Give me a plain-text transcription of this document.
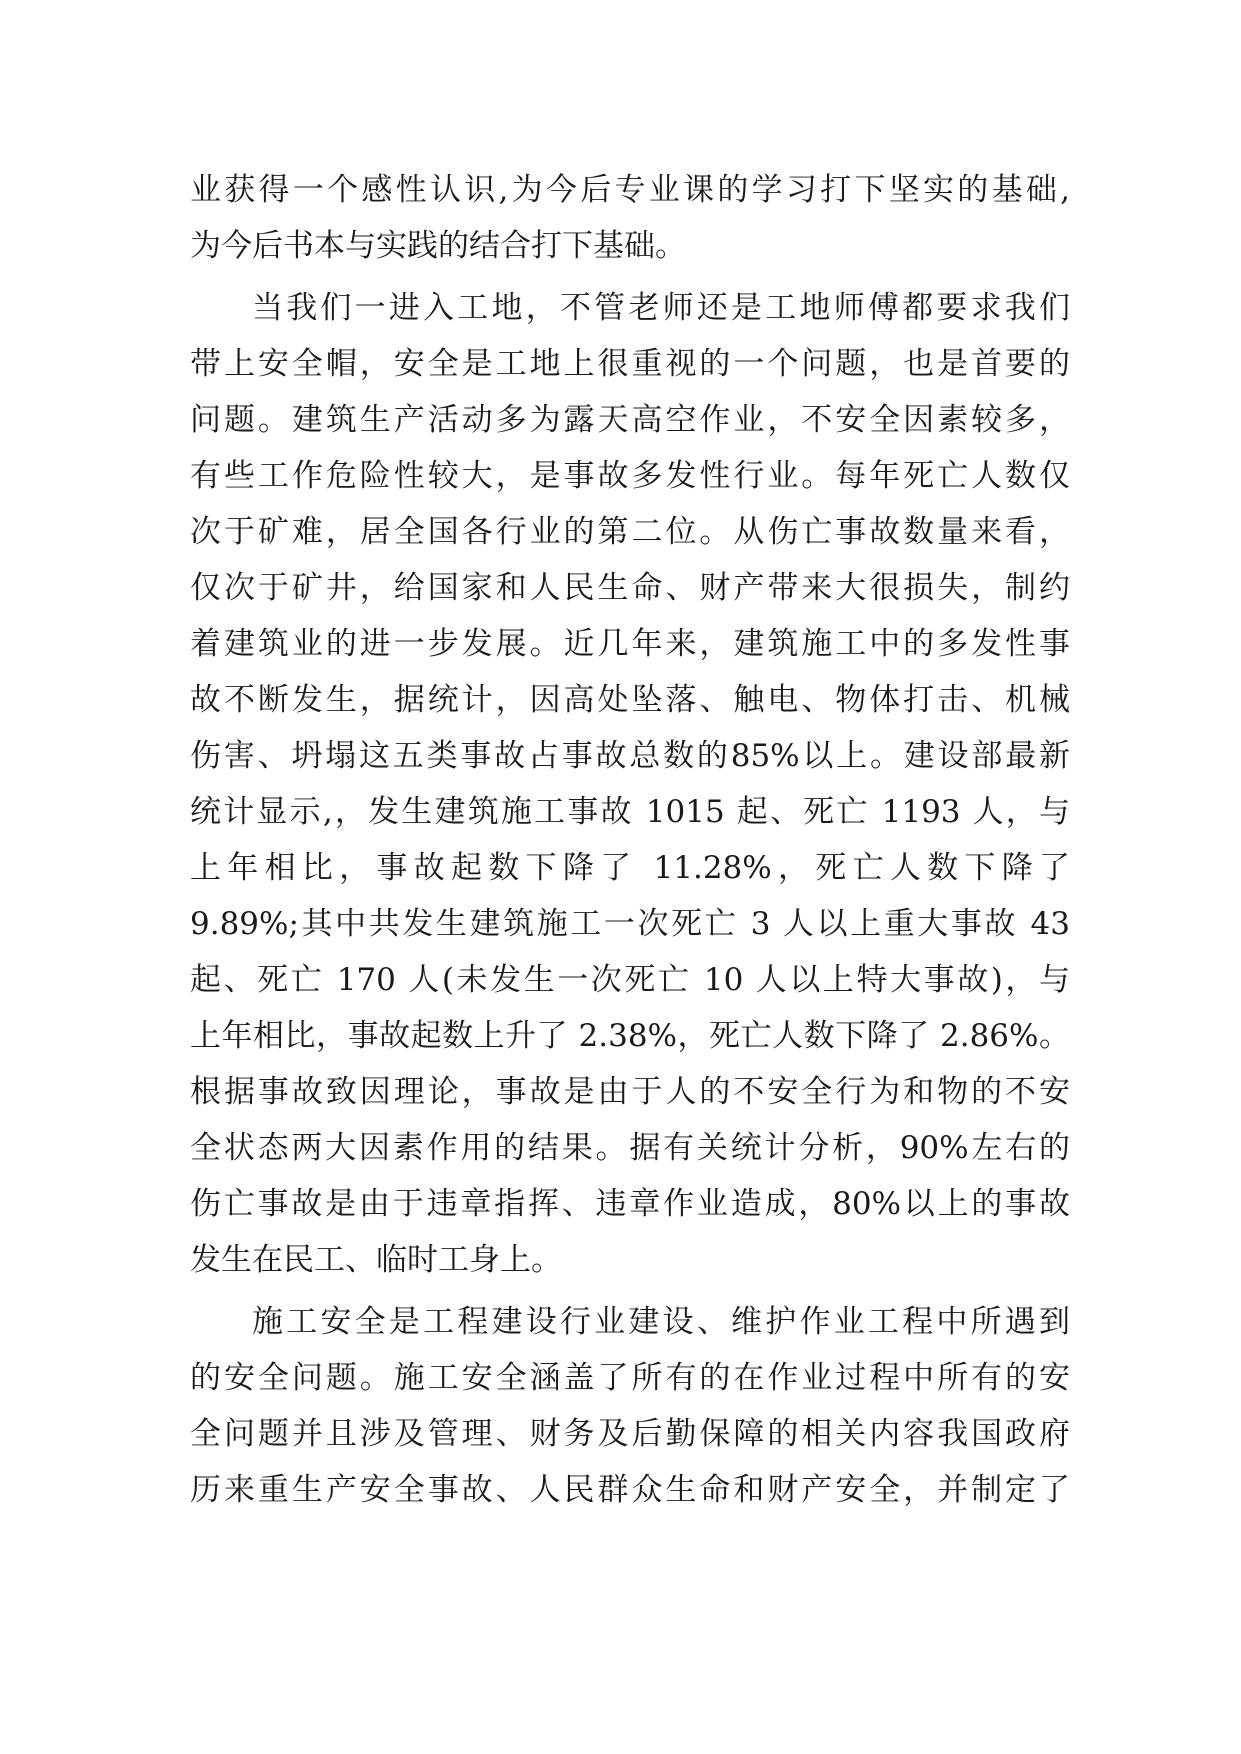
业获得一个感性认识,为今后专业课的学习打下坚实的基础,
为今后书本与实践的结合打下基础。
当我们一进入工地，不管老师还是工地师傅都要求我们
带上安全帽，安全是工地上很重视的一个问题，也是首要的
问题。建筑生产活动多为露天高空作业，不安全因素较多，
有些工作危险性较大，是事故多发性行业。每年死亡人数仅
次于矿难，居全国各行业的第二位。从伤亡事故数量来看，
仅次于矿井，给国家和人民生命、财产带来大很损失，制约
着建筑业的进一步发展。近几年来，建筑施工中的多发性事
故不断发生，据统计，因高处坠落、触电、物体打击、机械
伤害、坍塌这五类事故占事故总数的85%以上。建设部最新
统计显示,，发生建筑施工事故 1015 起、死亡 1193 人，与
上年相比，事故起数下降了 11.28%，死亡人数下降了
9.89%;其中共发生建筑施工一次死亡 3 人以上重大事故 43
起、死亡 170 人(未发生一次死亡 10 人以上特大事故)，与
上年相比，事故起数上升了 2.38%，死亡人数下降了 2.86%。
根据事故致因理论，事故是由于人的不安全行为和物的不安
全状态两大因素作用的结果。据有关统计分析，90%左右的
伤亡事故是由于违章指挥、违章作业造成，80%以上的事故
发生在民工、临时工身上。
施工安全是工程建设行业建设、维护作业工程中所遇到
的安全问题。施工安全涵盖了所有的在作业过程中所有的安
全问题并且涉及管理、财务及后勤保障的相关内容我国政府
历来重生产安全事故、人民群众生命和财产安全，并制定了
